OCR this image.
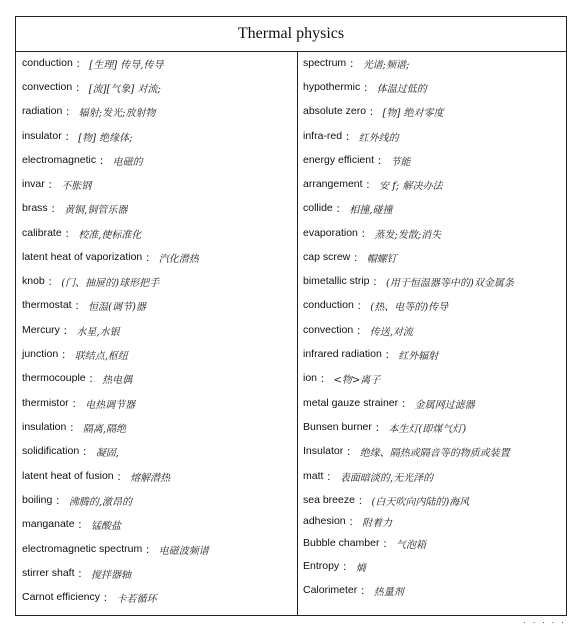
Thermal physics
conduction ： [生理] 传导,传导
convection ： [流][气象] 对流;
radiation ： 辐射;发光;放射物
insulator ： [物] 绝缘体;
electromagnetic ： 电磁的
invar ： 不胀钢
brass ： 黄铜,铜管乐器
calibrate ： 校准,使标准化
latent heat of vaporization ： 汽化潜热
knob ： (门、抽屉的)球形把手
thermostat ： 恒温(调节)器
Mercury ： 水星,水银
junction ： 联结点,枢纽
thermocouple ： 热电偶
thermistor ： 电热调节器
insulation ： 隔离,隔绝
solidification ： 凝固,
latent heat of fusion ： 熔解潜热
boiling ： 沸腾的,激昂的
manganate ： 锰酸盐
electromagnetic spectrum ： 电磁波频谱
stirrer shaft ： 搅拌器轴
Carnot efficiency ： 卡若循环
spectrum ： 光谱;频谱;
hypothermic ： 体温过低的
absolute zero ： [物] 绝对零度
infra-red ： 红外线的
energy efficient ： 节能
arrangement ： 安 f; 解决办法
collide ： 相撞,碰撞
evaporation ： 蒸发;发散;消失
cap screw ： 帽螺钉
bimetallic strip ： (用于恒温器等中的)双金属条
conduction ： (热、电等的)传导
convection ： 传送,对流
infrared radiation ： 红外辐射
ion ： <物>离子
metal gauze strainer ： 金属网过滤器
Bunsen burner ： 本生灯(即煤气灯)
Insulator ： 绝缘、隔热或隔音等的物质或装置
matt ： 表面暗淡的,无光泽的
sea breeze ： (白天吹向内陆的)海风
adhesion ： 附着力
Bubble chamber ： 气泡箱
Entropy ： 熵
Calorimeter ： 热量剂
· · · · ·
